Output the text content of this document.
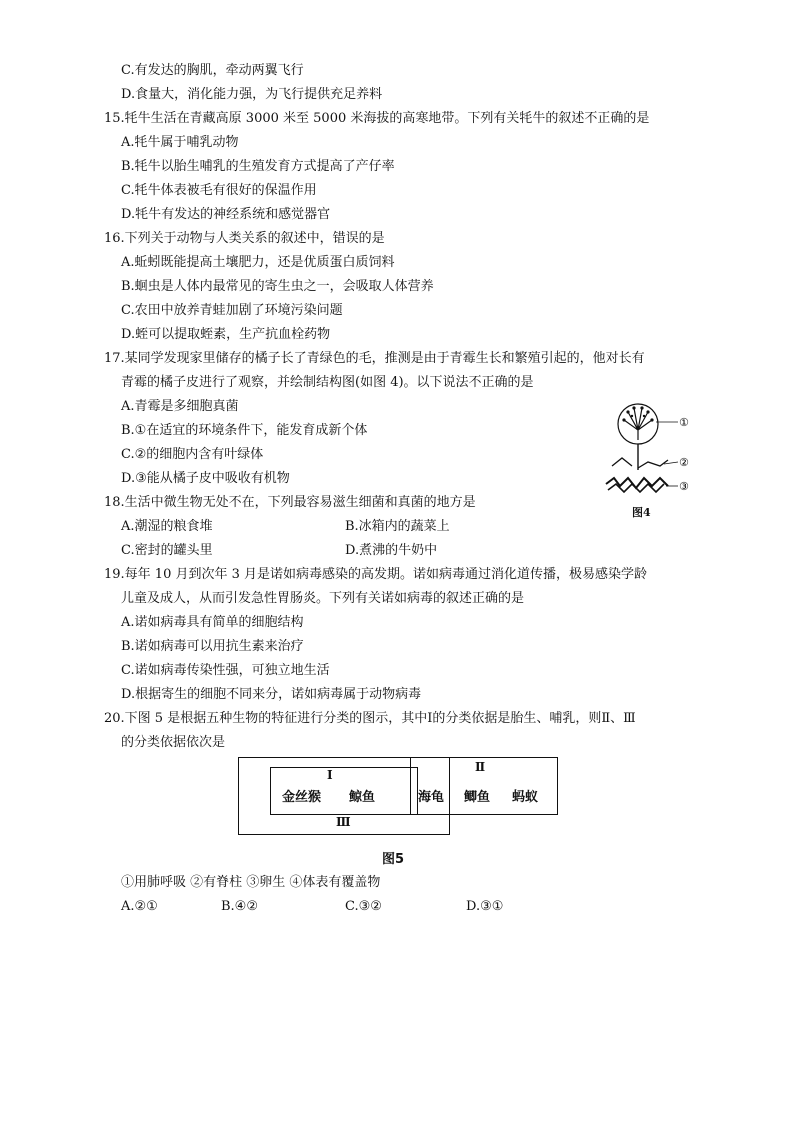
C.有发达的胸肌，牵动两翼飞行
D.食量大，消化能力强，为飞行提供充足养料
15.牦牛生活在青藏高原 3000 米至 5000 米海拔的高寒地带。下列有关牦牛的叙述不正确的是
A.牦牛属于哺乳动物
B.牦牛以胎生哺乳的生殖发育方式提高了产仔率
C.牦牛体表被毛有很好的保温作用
D.牦牛有发达的神经系统和感觉器官
16.下列关于动物与人类关系的叙述中，错误的是
A.蚯蚓既能提高土壤肥力，还是优质蛋白质饲料
B.蛔虫是人体内最常见的寄生虫之一，会吸取人体营养
C.农田中放养青蛙加剧了环境污染问题
D.蛭可以提取蛭素，生产抗血栓药物
17.某同学发现家里储存的橘子长了青绿色的毛，推测是由于青霉生长和繁殖引起的，他对长有
青霉的橘子皮进行了观察，并绘制结构图(如图 4)。以下说法不正确的是
A.青霉是多细胞真菌
B.①在适宜的环境条件下，能发育成新个体
C.②的细胞内含有叶绿体
D.③能从橘子皮中吸收有机物
①
②
③
图4
18.生活中微生物无处不在，下列最容易滋生细菌和真菌的地方是
A.潮湿的粮食堆	B.冰箱内的蔬菜上
C.密封的罐头里	D.煮沸的牛奶中
19.每年 10 月到次年 3 月是诺如病毒感染的高发期。诺如病毒通过消化道传播，极易感染学龄
儿童及成人，从而引发急性胃肠炎。下列有关诺如病毒的叙述正确的是
A.诺如病毒具有简单的细胞结构
B.诺如病毒可以用抗生素来治疗
C.诺如病毒传染性强，可独立地生活
D.根据寄生的细胞不同来分，诺如病毒属于动物病毒
20.下图 5 是根据五种生物的特征进行分类的图示，其中Ⅰ的分类依据是胎生、哺乳，则Ⅱ、Ⅲ
的分类依据依次是
Ⅰ
Ⅱ
Ⅲ
金丝猴 鲸鱼	海龟 鲫鱼 蚂蚁
图5
①用肺呼吸 ②有脊柱 ③卵生 ④体表有覆盖物
A.②①	B.④②	C.③②	D.③①
